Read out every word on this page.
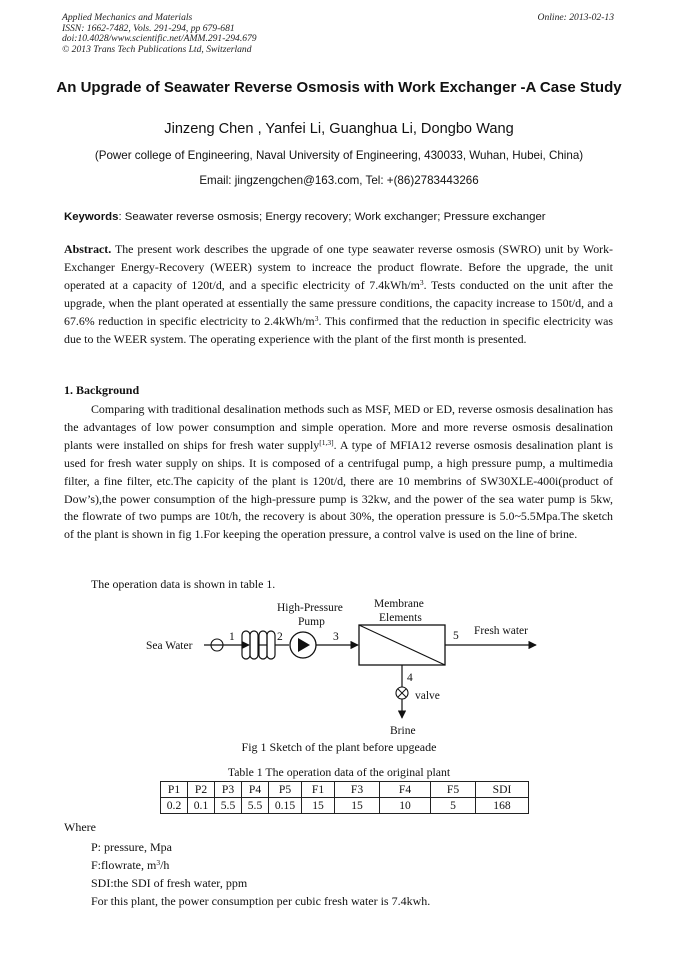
Applied Mechanics and Materials
ISSN: 1662-7482, Vols. 291-294, pp 679-681
doi:10.4028/www.scientific.net/AMM.291-294.679
© 2013 Trans Tech Publications Ltd, Switzerland
Online: 2013-02-13
An Upgrade of Seawater Reverse Osmosis with Work Exchanger -A Case Study
Jinzeng Chen , Yanfei Li, Guanghua Li, Dongbo Wang
(Power college of Engineering, Naval University of Engineering, 430033, Wuhan, Hubei, China)
Email: jingzengchen@163.com, Tel: +(86)2783443266
Keywords: Seawater reverse osmosis; Energy recovery; Work exchanger; Pressure exchanger
Abstract. The present work describes the upgrade of one type seawater reverse osmosis (SWRO) unit by Work-Exchanger Energy-Recovery (WEER) system to increace the product flowrate. Before the upgrade, the unit operated at a capacity of 120t/d, and a specific electricity of $7.4kWh/m^3$. Tests conducted on the unit after the upgrade, when the plant operated at essentially the same pressure conditions, the capacity increase to 150t/d, and a 67.6% reduction in specific electricity to $2.4kWh/m^3$. This confirmed that the reduction in specific electricity was due to the WEER system. The operating experience with the plant of the first month is presented.
1. Background
Comparing with traditional desalination methods such as MSF, MED or ED, reverse osmosis desalination has the advantages of low power consumption and simple operation. More and more reverse osmosis desalination plants were installed on ships for fresh water supply[1,3]. A type of MFIA12 reverse osmosis desalination plant is used for fresh water supply on ships. It is composed of a centrifugal pump, a high pressure pump, a multimedia filter, a fine filter, etc.The capicity of the plant is 120t/d, there are 10 membrins of SW30XLE-400i(product of Dow’s),the power consumption of the high-pressure pump is 32kw, and the power of the sea water pump is 5kw, the flowrate of two pumps are 10t/h, the recovery is about 30%, the operation pressure is 5.0~5.5Mpa.The sketch of the plant is shown in fig 1.For keeping the operation pressure, a control valve is used on the line of brine.
The operation data is shown in table 1.
Sea Water
1	2
High-Pressure
Pump
3
Membrane
Elements
5 Fresh water
4
valve
Brine
Fig 1 Sketch of the plant before upgeade
Table 1 The operation data of the original plant
P1	P2	P3	P4	P5	F1	F3	F4	F5	SDI
0.2	0.1	5.5	5.5	0.15	15	15	10	5	168
Where
P: pressure, Mpa
F:flowrate, $m^3/h$
SDI:the SDI of fresh water, ppm
For this plant, the power consumption per cubic fresh water is 7.4kwh.
